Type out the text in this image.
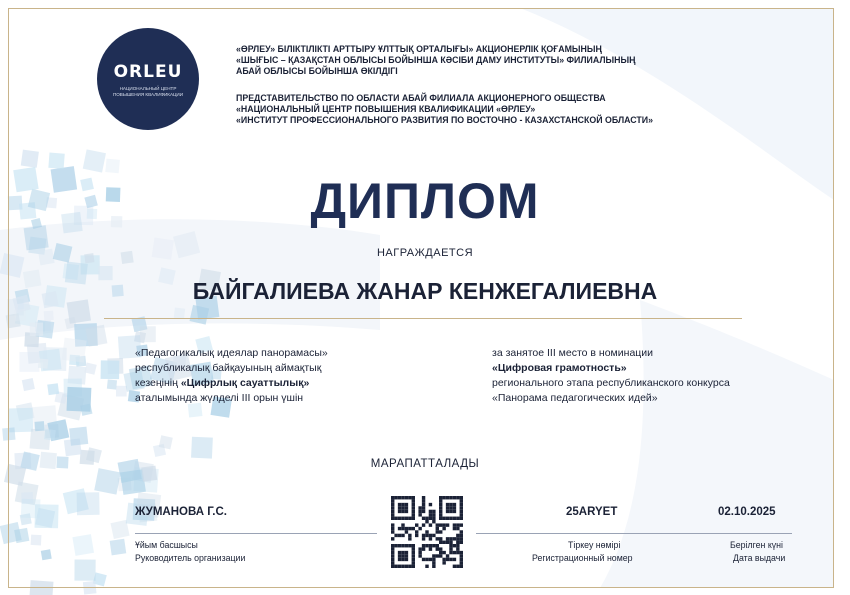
ORLEU
НАЦИОНАЛЬНЫЙ ЦЕНТР
ПОВЫШЕНИЯ КВАЛИФИКАЦИИ
«ӨРЛЕУ» БІЛІКТІЛІКТІ АРТТЫРУ ҰЛТТЫҚ ОРТАЛЫҒЫ» АКЦИОНЕРЛІК ҚОҒАМЫНЫҢ
«ШЫҒЫС – ҚАЗАҚСТАН ОБЛЫСЫ БОЙЫНША КӘСІБИ ДАМУ ИНСТИТУТЫ» ФИЛИАЛЫНЫҢ
АБАЙ ОБЛЫСЫ БОЙЫНША ӨКІЛДІГІ
ПРЕДСТАВИТЕЛЬСТВО ПО ОБЛАСТИ АБАЙ ФИЛИАЛА АКЦИОНЕРНОГО ОБЩЕСТВА
«НАЦИОНАЛЬНЫЙ ЦЕНТР ПОВЫШЕНИЯ КВАЛИФИКАЦИИ «ӨРЛЕУ»
«ИНСТИТУТ ПРОФЕССИОНАЛЬНОГО РАЗВИТИЯ ПО ВОСТОЧНО - КАЗАХСТАНСКОЙ ОБЛАСТИ»
ДИПЛОМ
НАГРАЖДАЕТСЯ
БАЙГАЛИЕВА ЖАНАР КЕНЖЕГАЛИЕВНА
«Педагогикалық идеялар панорамасы»
республикалық байқауының аймақтық
кезеңінің «Цифрлық сауаттылық»
аталымында жүлделі III орын үшін
за занятое III место в номинации
«Цифровая грамотность»
регионального этапа республиканского конкурса
«Панорама педагогических идей»
МАРАПАТТАЛАДЫ
ЖУМАНОВА Г.С.
Ұйым басшысы
Руководитель организации
25ARYET
Тіркеу нөмірі
Регистрационный номер
02.10.2025
Берілген күні
Дата выдачи
